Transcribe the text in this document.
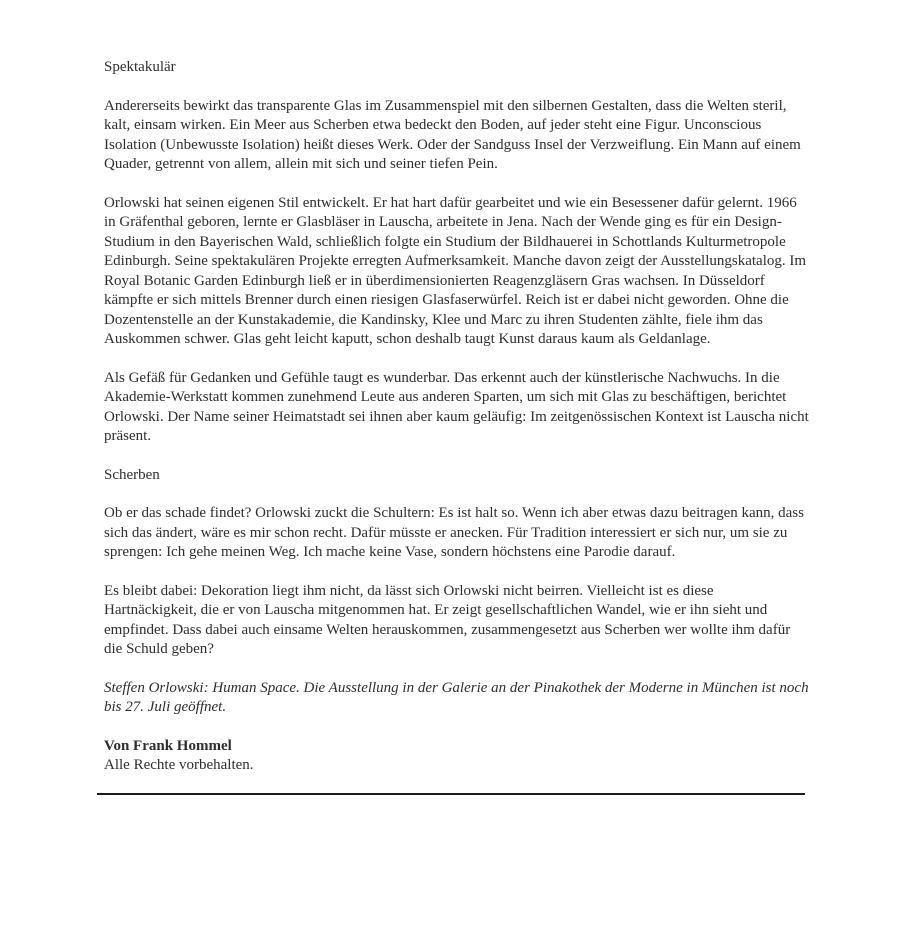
Spektakulär

Andererseits bewirkt das transparente Glas im Zusammenspiel mit den silbernen Gestalten, dass die Welten steril, kalt, einsam wirken. Ein Meer aus Scherben etwa bedeckt den Boden, auf jeder steht eine Figur. Unconscious Isolation (Unbewusste Isolation) heißt dieses Werk. Oder der Sandguss Insel der Verzweiflung. Ein Mann auf einem Quader, getrennt von allem, allein mit sich und seiner tiefen Pein.

Orlowski hat seinen eigenen Stil entwickelt. Er hat hart dafür gearbeitet und wie ein Besessener dafür gelernt. 1966 in Gräfenthal geboren, lernte er Glasbläser in Lauscha, arbeitete in Jena. Nach der Wende ging es für ein Design-Studium in den Bayerischen Wald, schließlich folgte ein Studium der Bildhauerei in Schottlands Kulturmetropole Edinburgh. Seine spektakulären Projekte erregten Aufmerksamkeit. Manche davon zeigt der Ausstellungskatalog. Im Royal Botanic Garden Edinburgh ließ er in überdimensionierten Reagenzgläsern Gras wachsen. In Düsseldorf kämpfte er sich mittels Brenner durch einen riesigen Glasfaserwürfel. Reich ist er dabei nicht geworden. Ohne die Dozentenstelle an der Kunstakademie, die Kandinsky, Klee und Marc zu ihren Studenten zählte, fiele ihm das Auskommen schwer. Glas geht leicht kaputt, schon deshalb taugt Kunst daraus kaum als Geldanlage.

Als Gefäß für Gedanken und Gefühle taugt es wunderbar. Das erkennt auch der künstlerische Nachwuchs. In die Akademie-Werkstatt kommen zunehmend Leute aus anderen Sparten, um sich mit Glas zu beschäftigen, berichtet Orlowski. Der Name seiner Heimatstadt sei ihnen aber kaum geläufig: Im zeitgenössischen Kontext ist Lauscha nicht präsent.

Scherben

Ob er das schade findet? Orlowski zuckt die Schultern: Es ist halt so. Wenn ich aber etwas dazu beitragen kann, dass sich das ändert, wäre es mir schon recht. Dafür müsste er anecken. Für Tradition interessiert er sich nur, um sie zu sprengen: Ich gehe meinen Weg. Ich mache keine Vase, sondern höchstens eine Parodie darauf.

Es bleibt dabei: Dekoration liegt ihm nicht, da lässt sich Orlowski nicht beirren. Vielleicht ist es diese Hartnäckigkeit, die er von Lauscha mitgenommen hat. Er zeigt gesellschaftlichen Wandel, wie er ihn sieht und empfindet. Dass dabei auch einsame Welten herauskommen, zusammengesetzt aus Scherben wer wollte ihm dafür die Schuld geben?

Steffen Orlowski: Human Space. Die Ausstellung in der Galerie an der Pinakothek der Moderne in München ist noch bis 27. Juli geöffnet.

Von Frank Hommel

Alle Rechte vorbehalten.
